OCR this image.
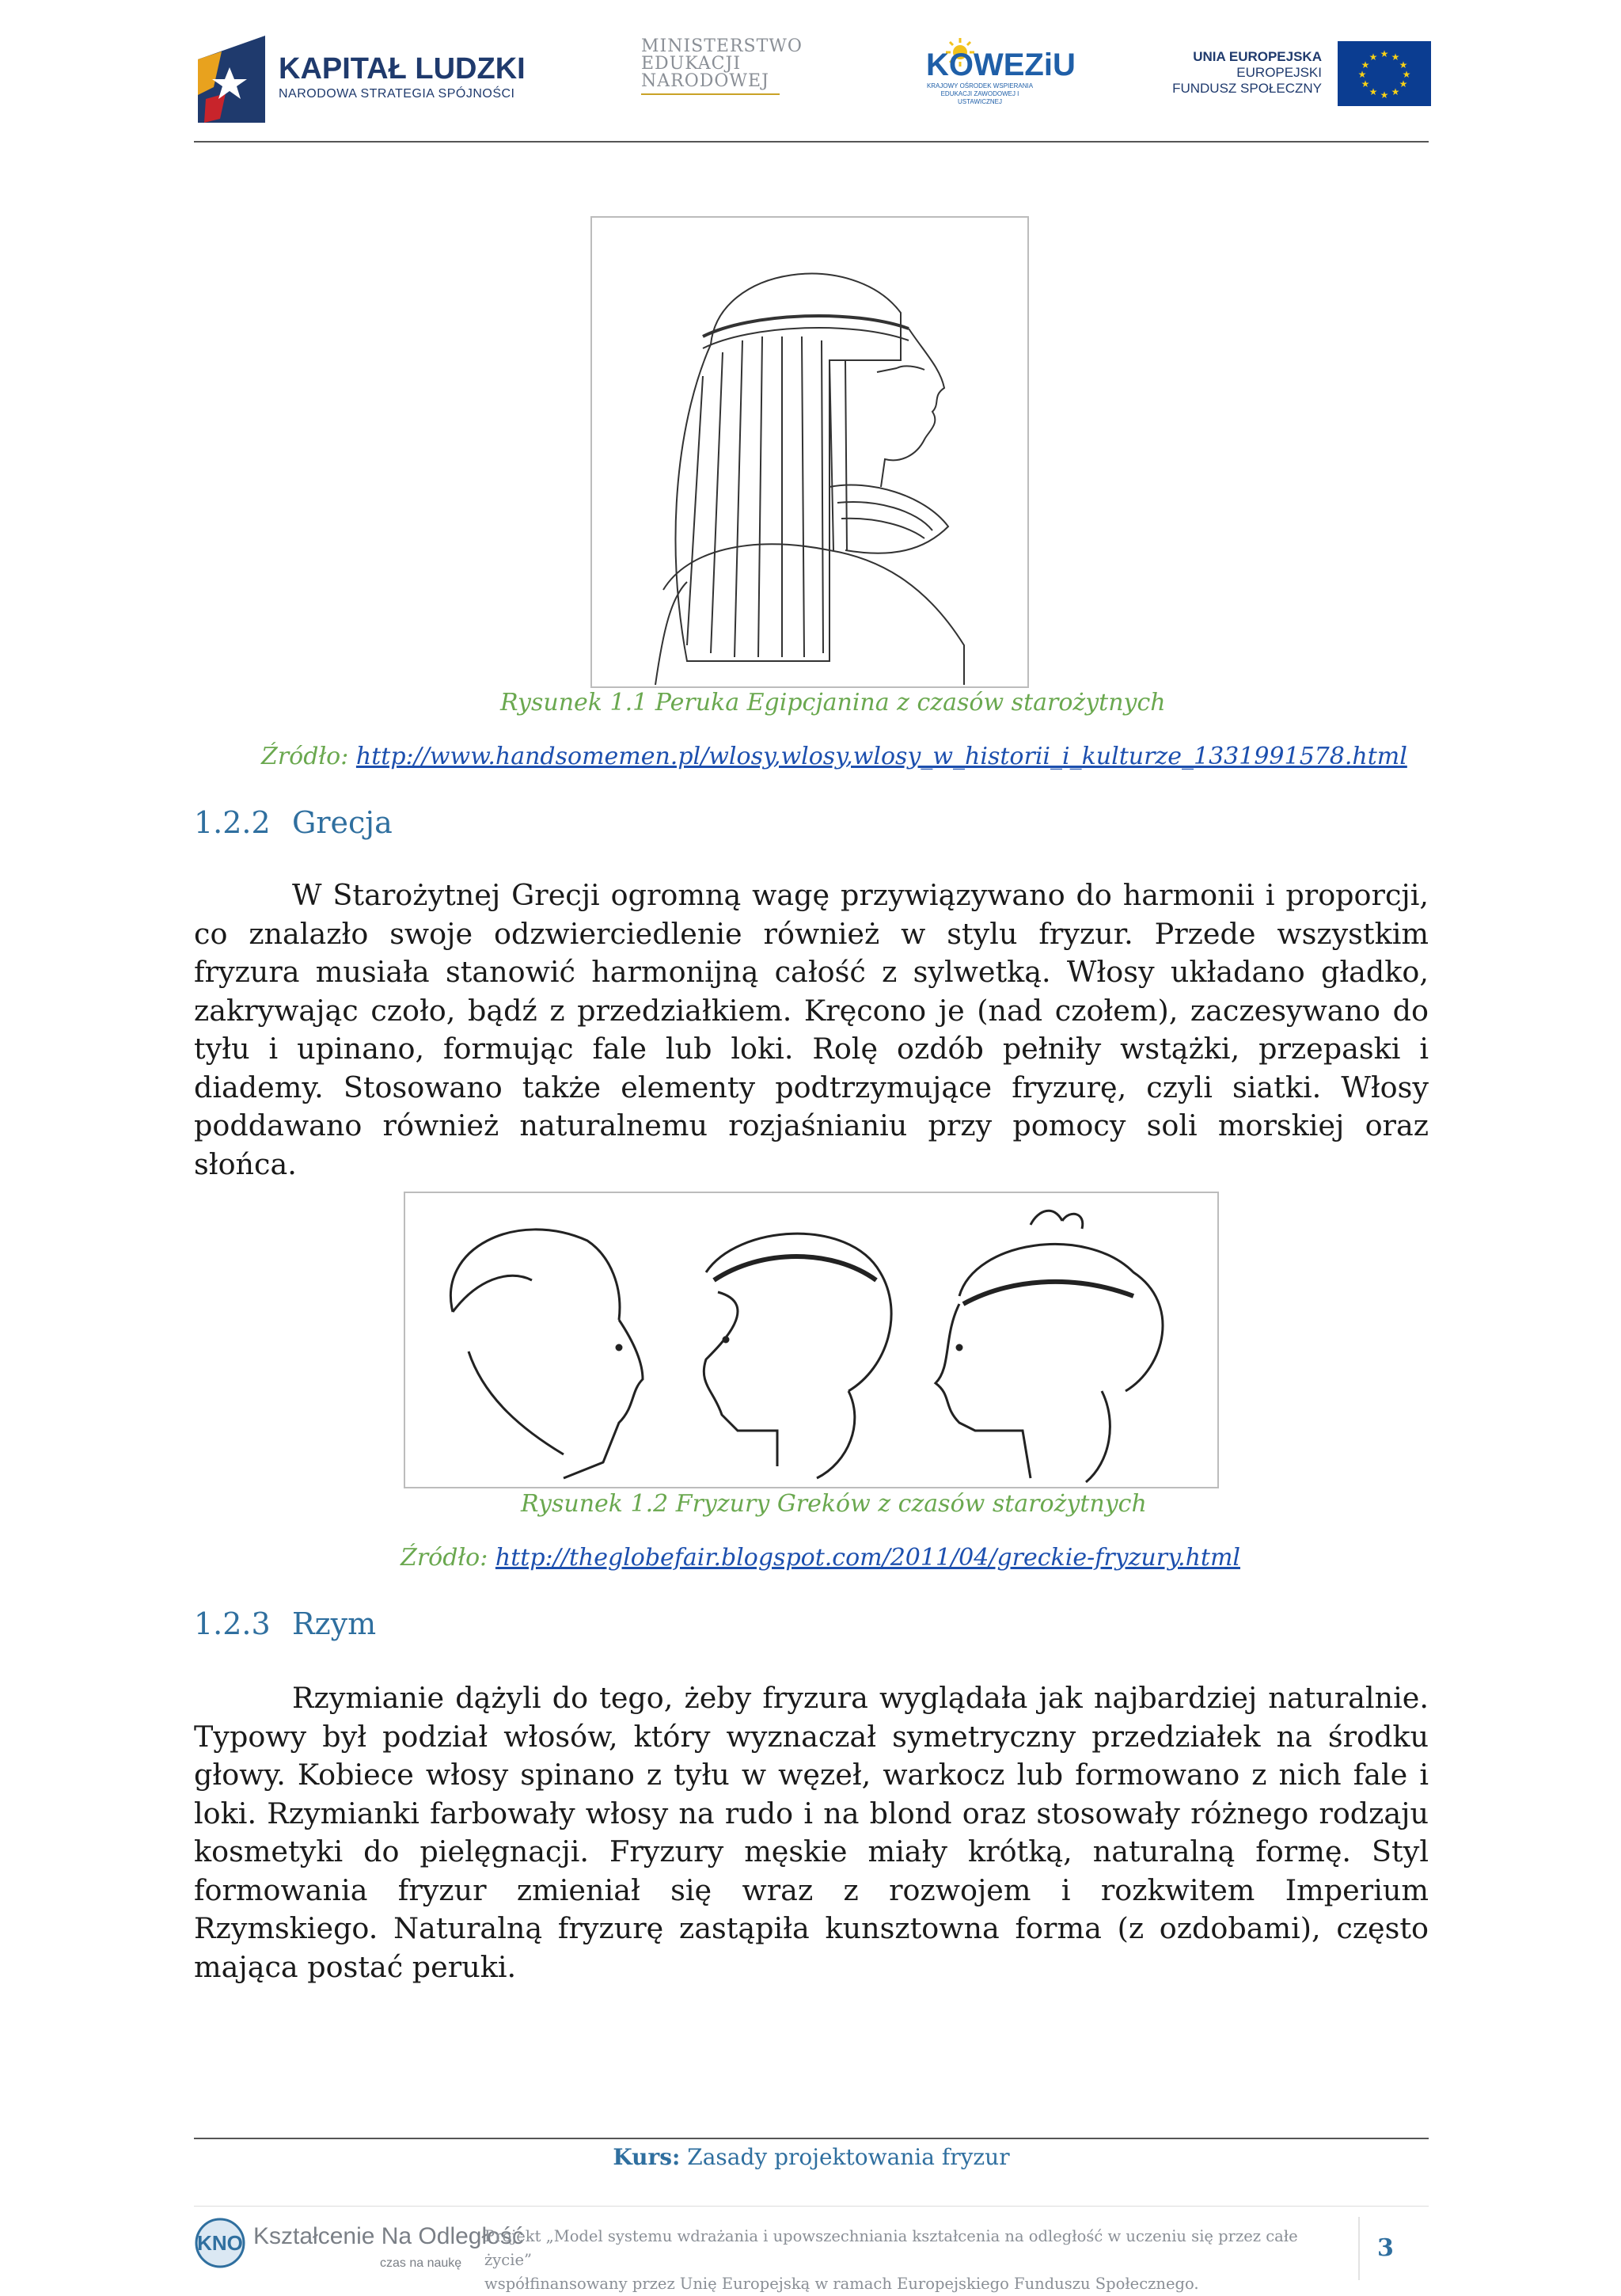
KAPITAŁ LUDZKI
NARODOWA STRATEGIA SPÓJNOŚCI
MINISTERSTWO
EDUKACJI
NARODOWEJ	KOWEZiU
KRAJOWY OŚRODEK WSPIERANIA EDUKACJI ZAWODOWEJ I USTAWICZNEJ
UNIA EUROPEJSKA
EUROPEJSKI
FUNDUSZ SPOŁECZNY
★ ★
★
★
★
★
★
★
★
★
★
★
Rysunek 1.1 Peruka Egipcjanina z czasów starożytnych
Źródło: http://www.handsomemen.pl/wlosy,wlosy,wlosy_w_historii_i_kulturze_1331991578.html
1.2.2 Grecja
W Starożytnej Grecji ogromną wagę przywiązywano do harmonii i proporcji, co znalazło swoje odzwierciedlenie również w stylu fryzur. Przede wszystkim fryzura musiała stanowić harmonijną całość z sylwetką. Włosy układano gładko, zakrywając czoło, bądź z przedziałkiem. Kręcono je (nad czołem), zaczesywano do tyłu i upinano, formując fale lub loki. Rolę ozdób pełniły wstążki, przepaski i diademy. Stosowano także elementy podtrzymujące fryzurę, czyli siatki. Włosy poddawano również naturalnemu rozjaśnianiu przy pomocy soli morskiej oraz słońca.
Rysunek 1.2 Fryzury Greków z czasów starożytnych
Źródło: http://theglobefair.blogspot.com/2011/04/greckie-fryzury.html
1.2.3 Rzym
Rzymianie dążyli do tego, żeby fryzura wyglądała jak najbardziej naturalnie. Typowy był podział włosów, który wyznaczał symetryczny przedziałek na środku głowy. Kobiece włosy spinano z tyłu w węzeł, warkocz lub formowano z nich fale i loki. Rzymianki farbowały włosy na rudo i na blond oraz stosowały różnego rodzaju kosmetyki do pielęgnacji. Fryzury męskie miały krótką, naturalną formę. Styl formowania fryzur zmieniał się wraz z rozwojem i rozkwitem Imperium Rzymskiego. Naturalną fryzurę zastąpiła kunsztowna forma (z ozdobami), często mająca postać peruki.
Kurs: Zasady projektowania fryzur
KNO Kształcenie Na Odległość
czas na naukę
Projekt „Model systemu wdrażania i upowszechniania kształcenia na odległość w uczeniu się przez całe życie”
współfinansowany przez Unię Europejską w ramach Europejskiego Funduszu Społecznego.
3
